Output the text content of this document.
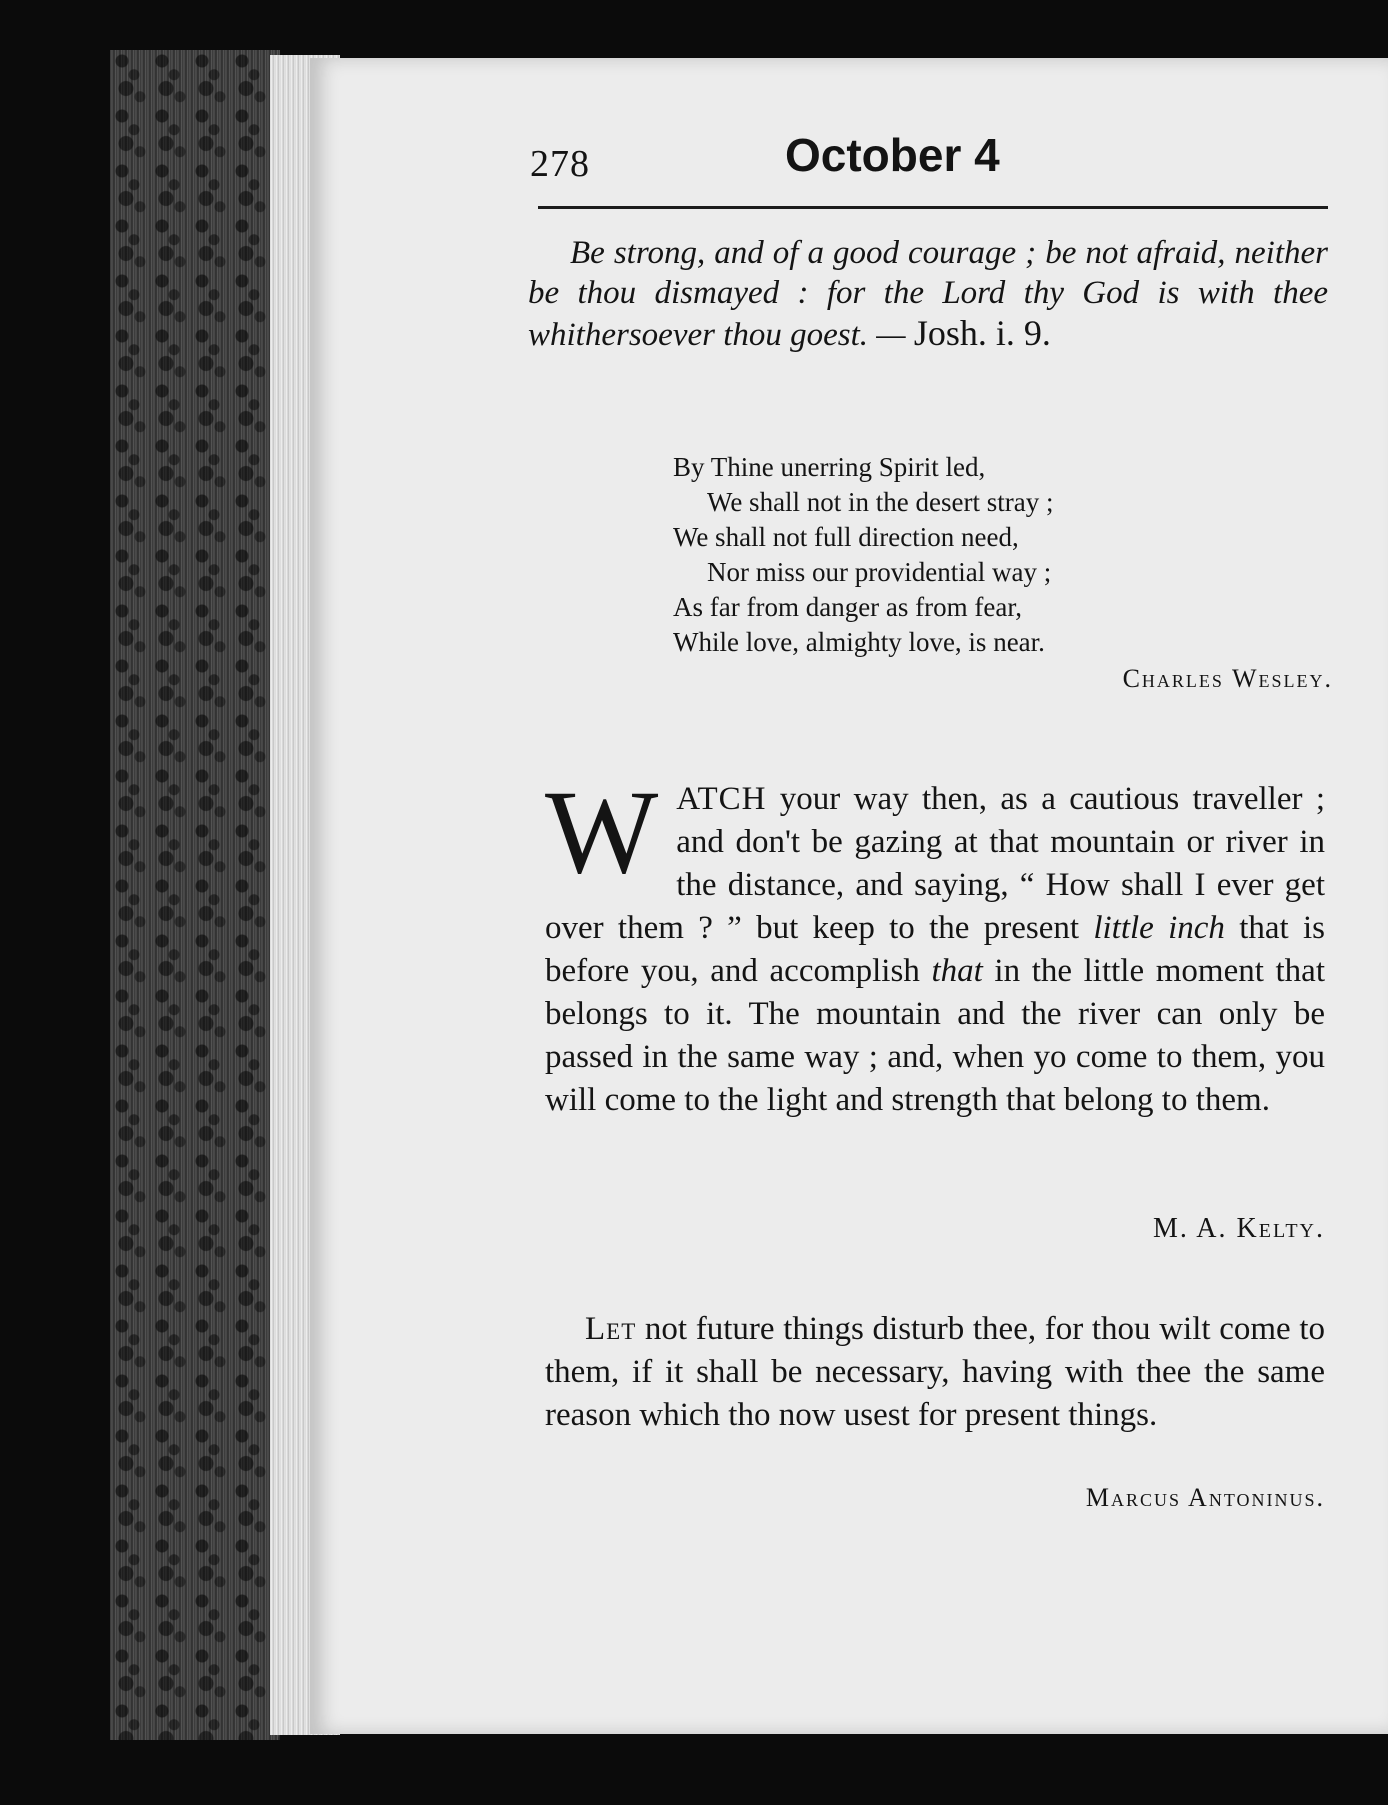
278	October 4
Be strong, and of a good courage ; be not afraid, neither be thou dismayed : for the Lord thy God is with thee whithersoever thou goest. — Josh. i. 9.
By Thine unerring Spirit led,
We shall not in the desert stray ;
We shall not full direction need,
Nor miss our providential way ;
As far from danger as from fear,
While love, almighty love, is near.
Charles Wesley.
WATCH your way then, as a cautious traveller ; and don't be gazing at that mountain or river in the distance, and saying, “ How shall I ever get over them ? ” but keep to the present little inch that is before you, and accomplish that in the little moment that belongs to it. The mountain and the river can only be passed in the same way ; and, when yo come to them, you will come to the light and strength that belong to them.
M. A. Kelty.
Let not future things disturb thee, for thou wilt come to them, if it shall be necessary, having with thee the same reason which tho now usest for present things.
Marcus Antoninus.
